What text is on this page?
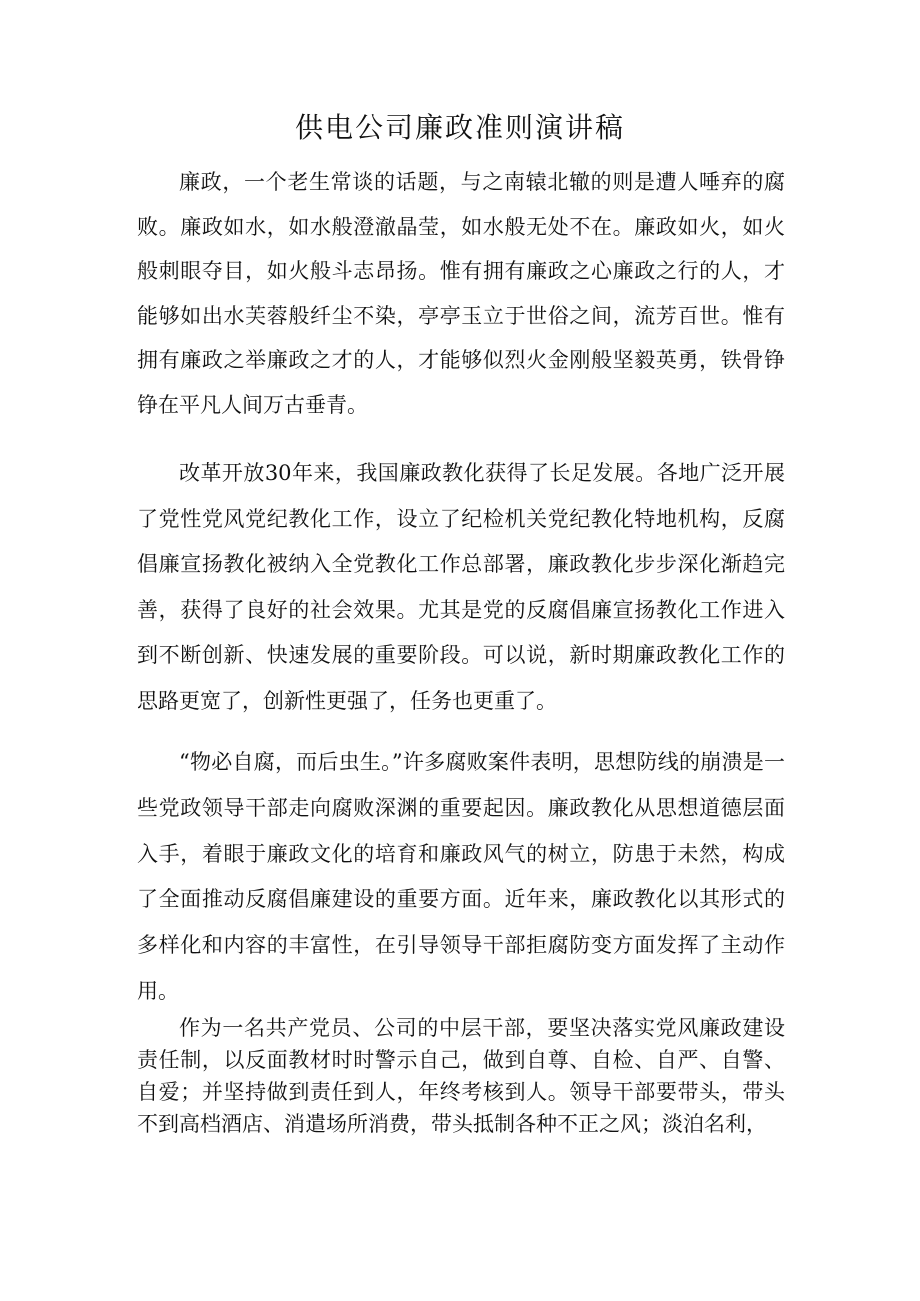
供电公司廉政准则演讲稿

廉政，一个老生常谈的话题，与之南辕北辙的则是遭人唾弃的腐败。廉政如水，如水般澄澈晶莹，如水般无处不在。廉政如火，如火般刺眼夺目，如火般斗志昂扬。惟有拥有廉政之心廉政之行的人，才能够如出水芙蓉般纤尘不染，亭亭玉立于世俗之间，流芳百世。惟有拥有廉政之举廉政之才的人，才能够似烈火金刚般坚毅英勇，铁骨铮铮在平凡人间万古垂青。

改革开放30年来，我国廉政教化获得了长足发展。各地广泛开展了党性党风党纪教化工作，设立了纪检机关党纪教化特地机构，反腐倡廉宣扬教化被纳入全党教化工作总部署，廉政教化步步深化渐趋完善，获得了良好的社会效果。尤其是党的反腐倡廉宣扬教化工作进入到不断创新、快速发展的重要阶段。可以说，新时期廉政教化工作的思路更宽了，创新性更强了，任务也更重了。

“物必自腐，而后虫生。”许多腐败案件表明，思想防线的崩溃是一些党政领导干部走向腐败深渊的重要起因。廉政教化从思想道德层面入手，着眼于廉政文化的培育和廉政风气的树立，防患于未然，构成了全面推动反腐倡廉建设的重要方面。近年来，廉政教化以其形式的多样化和内容的丰富性，在引导领导干部拒腐防变方面发挥了主动作用。

作为一名共产党员、公司的中层干部，要坚决落实党风廉政建设责任制，以反面教材时时警示自己，做到自尊、自检、自严、自警、自爱；并坚持做到责任到人，年终考核到人。领导干部要带头，带头不到高档酒店、消遣场所消费，带头抵制各种不正之风；淡泊名利，
